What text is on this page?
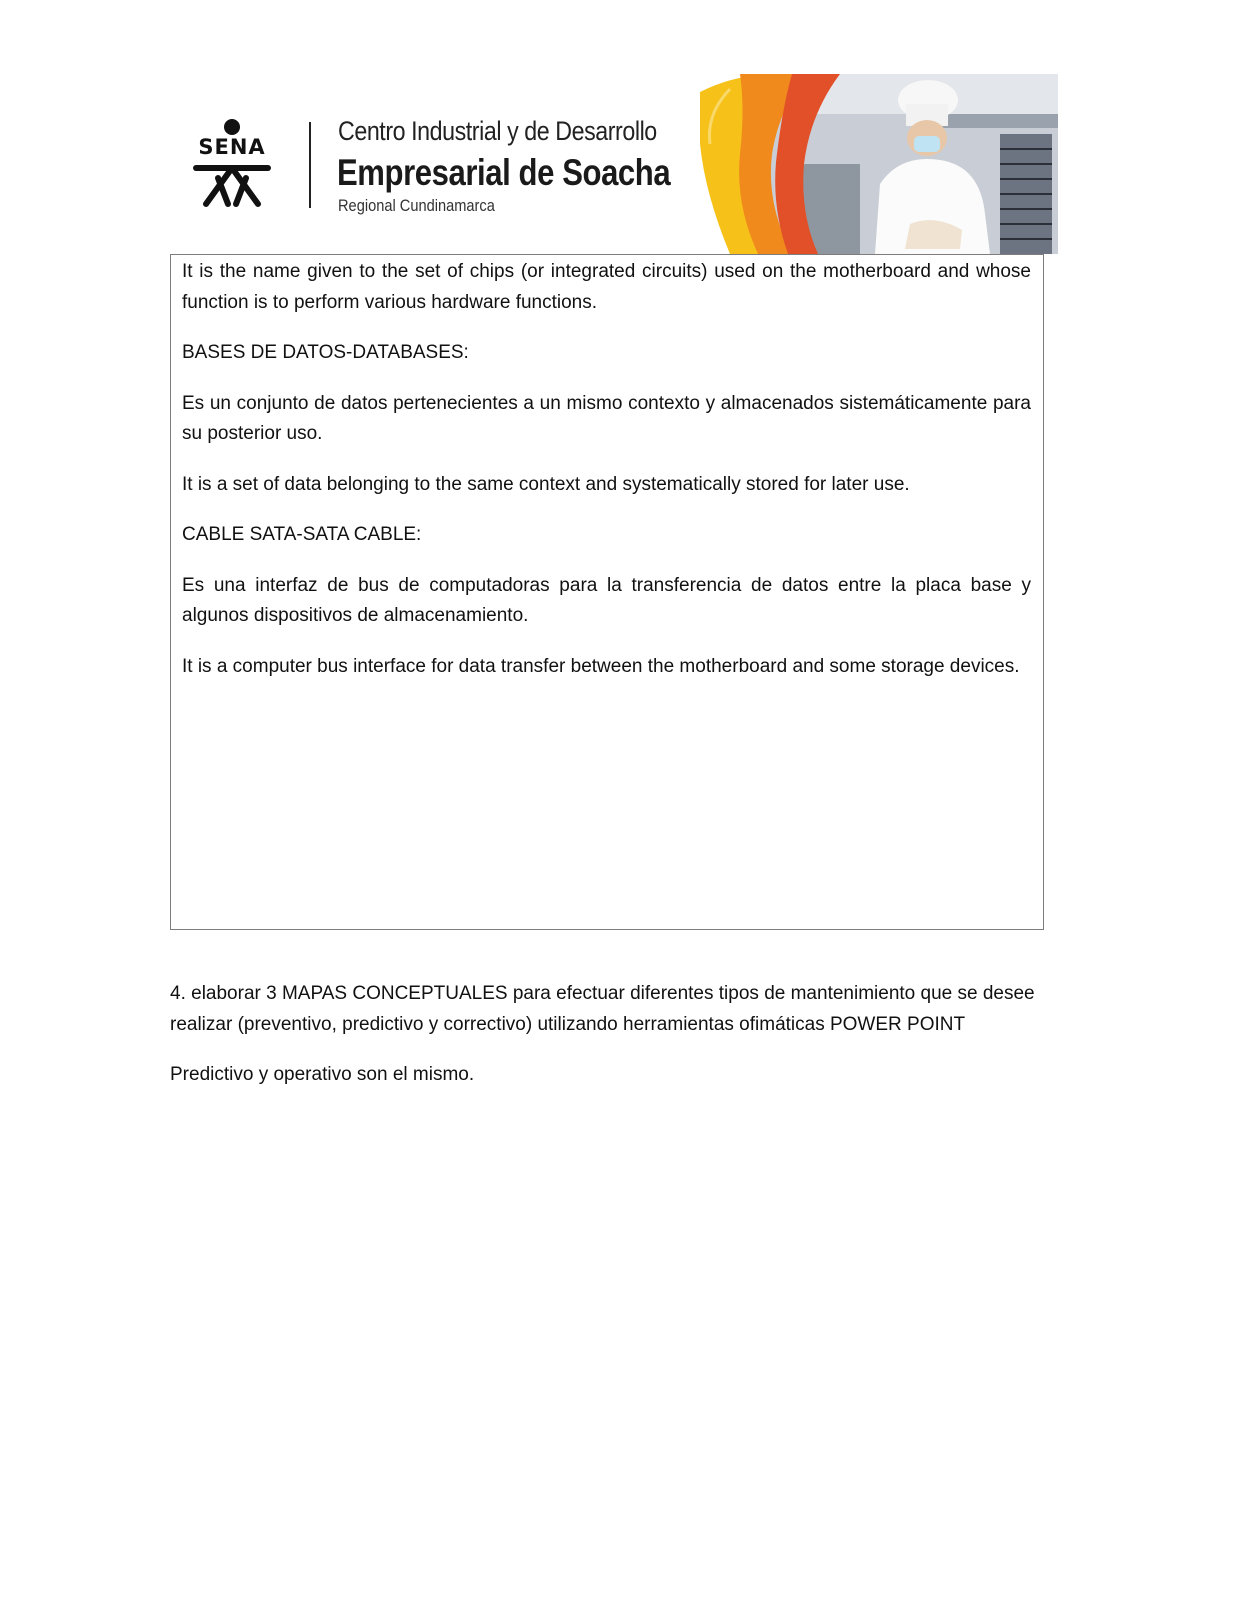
SENA
Centro Industrial y de Desarrollo
Empresarial de Soacha
Regional Cundinamarca

It is the name given to the set of chips (or integrated circuits) used on the motherboard and whose function is to perform various hardware functions.

BASES DE DATOS-DATABASES:

Es un conjunto de datos pertenecientes a un mismo contexto y almacenados sistemáticamente para su posterior uso.

It is a set of data belonging to the same context and systematically stored for later use.

CABLE SATA-SATA CABLE:

Es una interfaz de bus de computadoras para la transferencia de datos entre la placa base y algunos dispositivos de almacenamiento.

It is a computer bus interface for data transfer between the motherboard and some storage devices.

4. elaborar 3 MAPAS CONCEPTUALES para efectuar diferentes tipos de mantenimiento que se desee
realizar (preventivo, predictivo y correctivo) utilizando herramientas ofimáticas POWER POINT

Predictivo y operativo son el mismo.
